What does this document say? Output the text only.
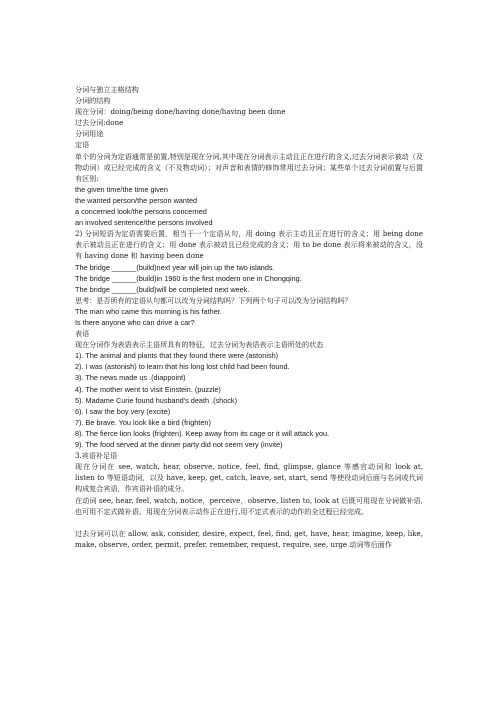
分词与独立主格结构
分词的结构
现在分词：doing/being done/having done/having been done
过去分词:done
分词用途
定语
单个的分词为定语通常是前置,特别是现在分词,其中现在分词表示主动且正在进行的含义,过去分词表示被动（及物动词）或已经完成的含义（不及物动词）；对声音和表情的修饰常用过去分词；某些单个过去分词前置与后置有区别:
the given time/the time given
the wanted person/the person wanted
a concerned look/the persons concerned
an involved sentence/the persons involved
2) 分词短语为定语需要后置，相当于一个定语从句，用 doing 表示主动且正在进行的含义；用 being done 表示被动且正在进行的含义；用 done 表示被动且已经完成的含义；用 to be done 表示将来被动的含义，没有 having done 和 having been done
The bridge ______(build)next year will join up the two islands.
The bridge ______(build)in 1960 is the first modern one in Chongqing.
The bridge ______(build)will be completed next week.
思考：是否所有的定语从句都可以改为分词结构吗？下列两个句子可以改为分词结构吗？
The man who came this morning is his father.
Is there anyone who can drive a car?
表语
现在分词作为表语表示主语所具有的特征，过去分词为表语表示主语所处的状态
1). The animal and plants that they found there were (astonish)
2). I was (astonish) to learn that his long lost child had been found.
3). The news made us .(diappoint)
4). The mother went to visit Einstein. (puzzle)
5). Madame Curie found husband's death .(shock)
6). I saw the boy very (excite)
7). Be brave. You look like a bird (frighten)
8). The fierce lion looks (frighten). Keep away from its cage or it will attack you.
9). The food served at the dinner party did not seem very (invite)
3.宾语补足语
现在分词在 see, watch, hear, observe, notice, feel, find, glimpse, glance 等感官动词和 look at, listen to 等短语动词，以及 have, keep, get, catch, leave, set, start, send 等使役动词后面与名词或代词构成复合宾语，作宾语补语的成分。
在动词 see, hear, feel, watch, notice，perceive，observe, listen to, look at 后既可用现在分词做补语,也可用不定式做补语。用现在分词表示动作正在进行,用不定式表示的动作的全过程已经完成。
过去分词可以在 allow, ask, consider, desire, expect, feel, find, get, have, hear, imagine, keep, like, make, observe, order, permit, prefer, remember, request, require, see, urge 动词等后面作
